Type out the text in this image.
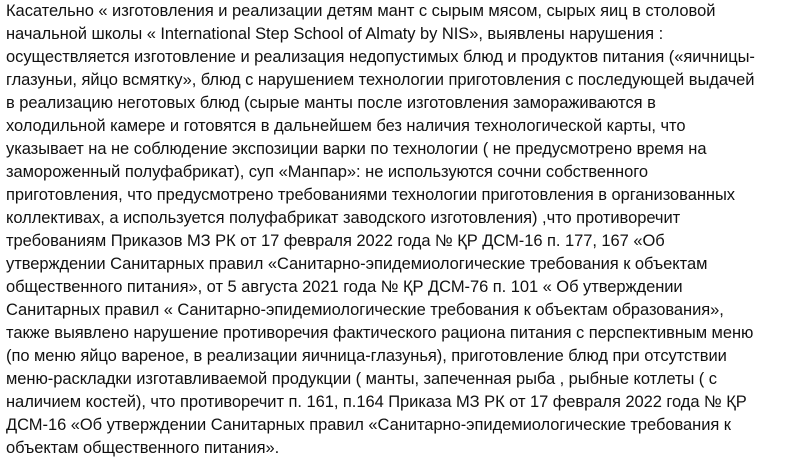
Касательно « изготовления и реализации детям мант с сырым мясом, сырых яиц в столовой
начальной школы « International Step School of Almaty by NIS», выявлены нарушения :
осуществляется изготовление и реализация недопустимых блюд и продуктов питания («яичницы-
глазуньи, яйцо всмятку», блюд с нарушением технологии приготовления с последующей выдачей
в реализацию неготовых блюд (сырые манты после изготовления замораживаются в
холодильной камере и готовятся в дальнейшем без наличия технологической карты, что
указывает на не соблюдение экспозиции варки по технологии ( не предусмотрено время на
замороженный полуфабрикат), суп «Манпар»: не используются сочни собственного
приготовления, что предусмотрено требованиями технологии приготовления в организованных
коллективах, а используется полуфабрикат заводского изготовления) ,что противоречит
требованиям Приказов МЗ РК от 17 февраля 2022 года № ҚР ДСМ-16 п. 177, 167 «Об
утверждении Санитарных правил «Санитарно-эпидемиологические требования к объектам
общественного питания», от 5 августа 2021 года № ҚР ДСМ-76 п. 101 « Об утверждении
Санитарных правил « Санитарно-эпидемиологические требования к объектам образования»,
также выявлено нарушение противоречия фактического рациона питания с перспективным меню
(по меню яйцо вареное, в реализации яичница-глазунья), приготовление блюд при отсутствии
меню-раскладки изготавливаемой продукции ( манты, запеченная рыба , рыбные котлеты ( с
наличием костей), что противоречит п. 161, п.164 Приказа МЗ РК от 17 февраля 2022 года № ҚР
ДСМ-16 «Об утверждении Санитарных правил «Санитарно-эпидемиологические требования к
объектам общественного питания».
